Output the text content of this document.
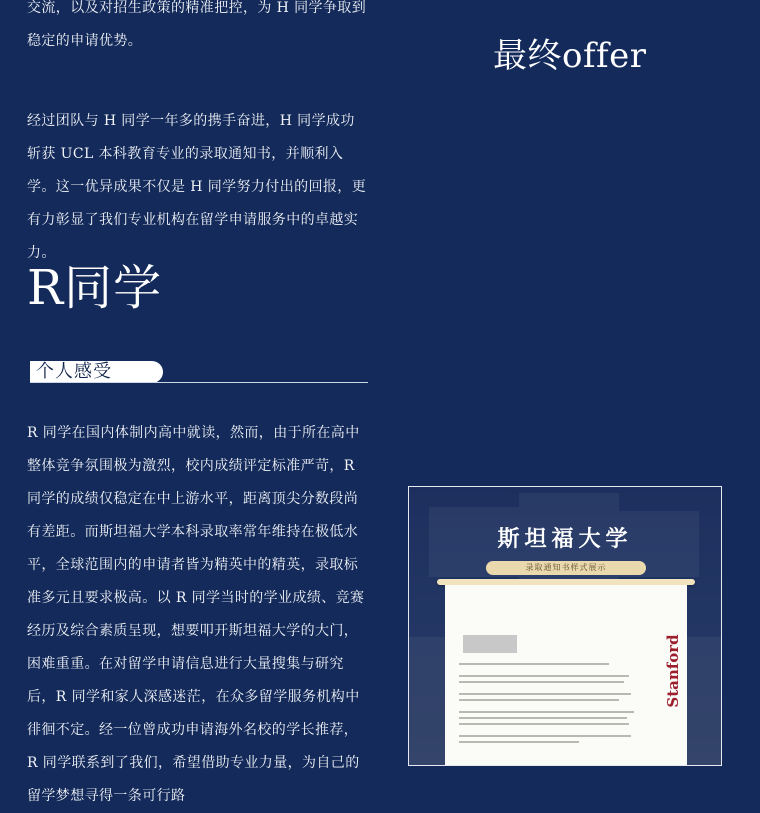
交流，以及对招生政策的精准把控，为 H 同学争取到稳定的申请优势。

经过团队与 H 同学一年多的携手奋进，H 同学成功斩获 UCL 本科教育专业的录取通知书，并顺利入学。这一优异成果不仅是 H 同学努力付出的回报，更有力彰显了我们专业机构在留学申请服务中的卓越实力。

最终offer
R同学
个人感受

R 同学在国内体制内高中就读，然而，由于所在高中整体竞争氛围极为激烈，校内成绩评定标准严苛，R 同学的成绩仅稳定在中上游水平，距离顶尖分数段尚有差距。而斯坦福大学本科录取率常年维持在极低水平，全球范围内的申请者皆为精英中的精英，录取标准多元且要求极高。以 R 同学当时的学业成绩、竞赛经历及综合素质呈现，想要叩开斯坦福大学的大门，困难重重。在对留学申请信息进行大量搜集与研究后，R 同学和家人深感迷茫，在众多留学服务机构中徘徊不定。经一位曾成功申请海外名校的学长推荐，R 同学联系到了我们，希望借助专业力量，为自己的留学梦想寻得一条可行路

斯坦福大学
录取通知书样式展示
Stanford
